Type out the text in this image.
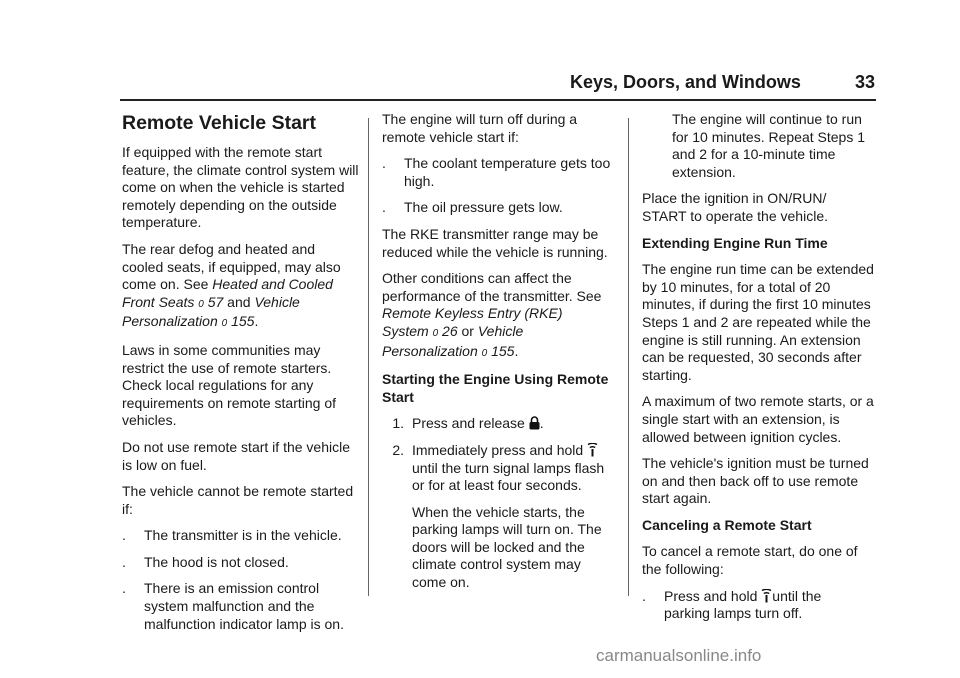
Keys, Doors, and Windows	33
Remote Vehicle Start

If equipped with the remote start feature, the climate control system will come on when the vehicle is started remotely depending on the outside temperature.

The rear defog and heated and cooled seats, if equipped, may also come on. See Heated and Cooled Front Seats 0 57 and Vehicle Personalization 0 155.

Laws in some communities may restrict the use of remote starters. Check local regulations for any requirements on remote starting of vehicles.

Do not use remote start if the vehicle is low on fuel.

The vehicle cannot be remote started if:

.	The transmitter is in the vehicle.
.	The hood is not closed.
.	There is an emission control system malfunction and the malfunction indicator lamp is on.

The engine will turn off during a remote vehicle start if:

.	The coolant temperature gets too high.
.	The oil pressure gets low.

The RKE transmitter range may be reduced while the vehicle is running.

Other conditions can affect the performance of the transmitter. See Remote Keyless Entry (RKE) System 0 26 or Vehicle Personalization 0 155.

Starting the Engine Using Remote Start

1. Press and release .
2. Immediately press and hold  until the turn signal lamps flash or for at least four seconds.

When the vehicle starts, the parking lamps will turn on. The doors will be locked and the climate control system may come on.

The engine will continue to run for 10 minutes. Repeat Steps 1 and 2 for a 10-minute time extension.

Place the ignition in ON/RUN/ START to operate the vehicle.

Extending Engine Run Time

The engine run time can be extended by 10 minutes, for a total of 20 minutes, if during the first 10 minutes Steps 1 and 2 are repeated while the engine is still running. An extension can be requested, 30 seconds after starting.

A maximum of two remote starts, or a single start with an extension, is allowed between ignition cycles.

The vehicle's ignition must be turned on and then back off to use remote start again.

Canceling a Remote Start

To cancel a remote start, do one of the following:

.	Press and hold until the
parking lamps turn off.
carmanualsonline.info
